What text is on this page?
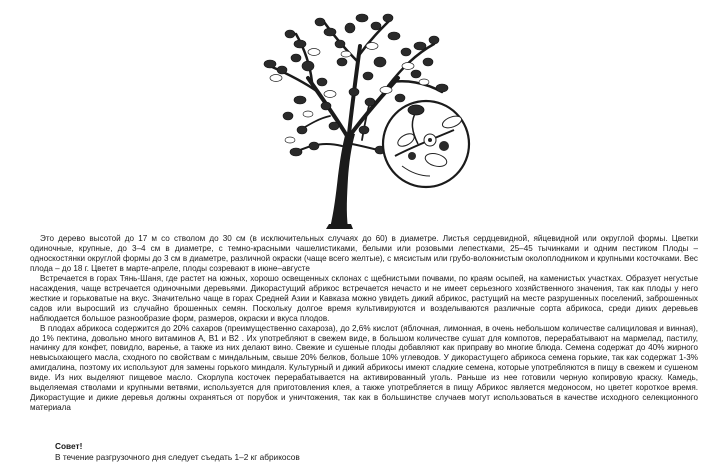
Это дерево высотой до 17 м со стволом до 30 см (в исключительных случаях до 60) в диаметре. Листья сердцевидной, яйцевидной или округлой формы. Цветки одиночные, крупные, до 3–4 см в диаметре, с темно-красными чашелистиками, белыми или розовыми лепестками, 25–45 тычинками и одним пестиком Плоды – односкостянки округлой формы до 3 см в диаметре, различной окраски (чаще всего желтые), с мясистым или грубо-волокнистым околоплодником и крупными косточками. Вес плода – до 18 г. Цветет в марте-апреле, плоды созревают в июне–августе

Встречается в горах Тянь-Шаня, где растет на южных, хорошо освещенных склонах с щебнистыми почвами, по краям осыпей, на каменистых участках. Образует негустые насаждения, чаще встречается одиночными деревьями. Дикорастущий абрикос встречается нечасто и не имеет серьезного хозяйственного значения, так как плоды у него жесткие и горьковатые на вкус. Значительно чаще в горах Средней Азии и Кавказа можно увидеть дикий абрикос, растущий на месте разрушенных поселений, заброшенных садов или выросший из случайно брошенных семян. Поскольку долгое время культивируются и возделываются различные сорта абрикоса, среди диких деревьев наблюдается большое разнообразие форм, размеров, окраски и вкуса плодов.

В плодах абрикоса содержится до 20% сахаров (преимущественно сахароза), до 2,6% кислот (яблочная, лимонная, в очень небольшом количестве салициловая и винная), до 1% пектина, довольно много витаминов А, В1 и В2 . Их употребляют в свежем виде, в большом количестве сушат для компотов, перерабатывают на мармелад, пастилу, начинку для конфет, повидло, варенье, а также из них делают вино. Свежие и сушеные плоды добавляют как приправу во многие блюда. Семена содержат до 40% жирного невысыхающего масла, сходного по свойствам с миндальным, свыше 20% белков, больше 10% углеводов. У дикорастущего абрикоса семена горькие, так как содержат 1-3% амигдалина, поэтому их используют для замены горького миндаля. Культурный и дикий абрикосы имеют сладкие семена, которые употребляются в пищу в свежем и сушеном виде. Из них выделяют пищевое масло. Скорлупа косточек перерабатывается на активированный уголь. Раньше из нее готовили черную копировую краску. Камедь, выделяемая стволами и крупными ветвями, используется для приготовления клея, а также употребляется в пищу Абрикос является медоносом, но цветет короткое время. Дикорастущие и дикие деревья должны охраняться от порубок и уничтожения, так как в большинстве случаев могут использоваться в качестве исходного селекционного материала

Совет!
В течение разгрузочного дня следует съедать 1–2 кг абрикосов
